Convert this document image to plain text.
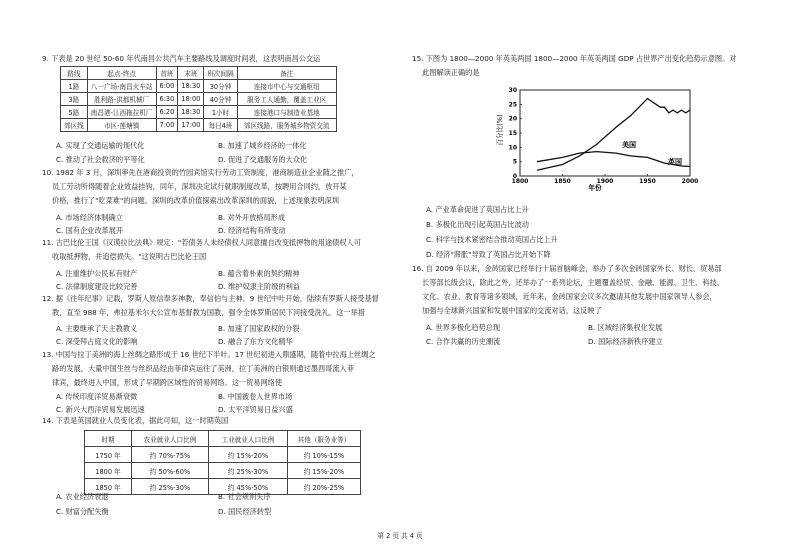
9. 下表是 20 世纪 50-60 年代南昌公共汽车主要路线及调度时间表，这表明南昌公交运
路线	起点-终点	首班	末班	班次间隔	备注
1路	八一广场-南昌火车站	6:00	18:30	30分钟	连接市中心与交通枢纽
3路	胜利路-洪都机械厂	6:30	18:00	40分钟	服务工人通勤，覆盖工业区
5路	南昌港-江西拖拉机厂	6:20	18:30	1小时	连接港口与制造业基地
郊区线	市区-莲塘镇	7:00	17:00	每日4班	郊区线路，服务城乡物资交流
A. 实现了交通运输的现代化	B. 加速了城乡经济的一体化
C. 推动了社会救济的平等化	D. 促进了交通服务的大众化
10. 1982 年 3 月，深圳率先在港商投资的竹园宾馆实行劳动工资制度，港商制造业企业随之推广，
员工劳动所得随着企业效益挂钩，同年，深圳决定试行就职制度改革，按聘用合同约，放开某
价格，推行了"吃菜难"的问题。深圳的改革价值探索出改革深圳的面貌，上述现象表明深圳
A. 市场经济体制确立	B. 对外开放格局形成
C. 国有企业改革展开	D. 经济结构有所变动
11. 古巴比伦王国《汉谟拉比法典》规定："若债务人未经债权人同意擅自改变抵押物的用途债权人可
收取抵押物，并追偿损失。"这说明古巴比伦王国
A. 注重维护公民私有财产	B. 蕴含着朴素的契约精神
C. 法律制度建设比较完善	D. 维护奴隶主阶级的利益
12. 据《往年纪事》记载，罗斯人原信奉多神教，奉信伯与主神。9 世纪中叶开始，陆续有罗斯人接受基督
教，直至 988 年，弗拉基米尔大公宣布基督教为国教，强令全体罗斯居民下河接受洗礼。这一举措
A. 主要继承了天主教教义	B. 加速了国家政权的分裂
C. 深受拜占庭文化的影响	D. 融合了东方文化精华
13. 中国与拉丁美洲的海上丝绸之路形成于 16 世纪下半叶。17 世纪初进入鼎盛期，随着中拉海上丝绸之
路的发展，大量中国生丝与丝织品经由菲律宾运往了美洲，拉丁美洲的白银则通过墨西哥流入菲
律宾，最终进入中国，形成了早期跨区域性的贸易网络。这一贸易网络使
A. 传统印度洋贸易渐衰微	B. 中国被卷入世界市场
C. 新兴大西洋贸易发展迅速	D. 太平洋贸易日益兴盛
14. 下表是英国就业人员变化表，据此可知，这一时期英国
时期	农业就业人口比例	工业就业人口比例	其他（服务业等）
1750 年	约 70%-75%	约 15%-20%	约 10%-15%
1800 年	约 50%-60%	约 25%-30%	约 15%-20%
1850 年	约 25%-30%	约 45%-50%	约 20%-25%
A. 农业经济衰退	B. 社会规则失序
C. 财富分配失衡	D. 国民经济转型
15. 下图为 1800—2000 年英美两国 1800—2000 年英美两国 GDP 占世界产出变化趋势示意图。对
此图解读正确的是
1800	1850	1900	1950	2000
0
5
10
15
20
25
30
百分比(%)
年份
美国
英国
A. 产业革命促进了英国占比上升
B. 多极化出现引起英国占比波动
C. 科学与技术紧密结合推动英国占比上升
D. 经济"滞胀"导致了英国占比开始下降
16. 自 2009 年以来，金砖国家已经举行十届首脑峰会，举办了多次金砖国家外长、财长、贸易部
长等部长级会议，除此之外，还举办了一系列论坛，主题覆盖经贸、金融、能源、卫生、科技、
文化、农业、教育等诸多领域，近年来，金砖国家会议多次邀请其他发展中国家领导人参会，
加强与全球新兴国家和发展中国家的交流对话，这反映了
A. 世界多极化趋势总现	B. 区域经济集权化发展
C. 合作共赢的历史潮流	D. 国际经济新秩序建立
第 2 页 共 4 页
